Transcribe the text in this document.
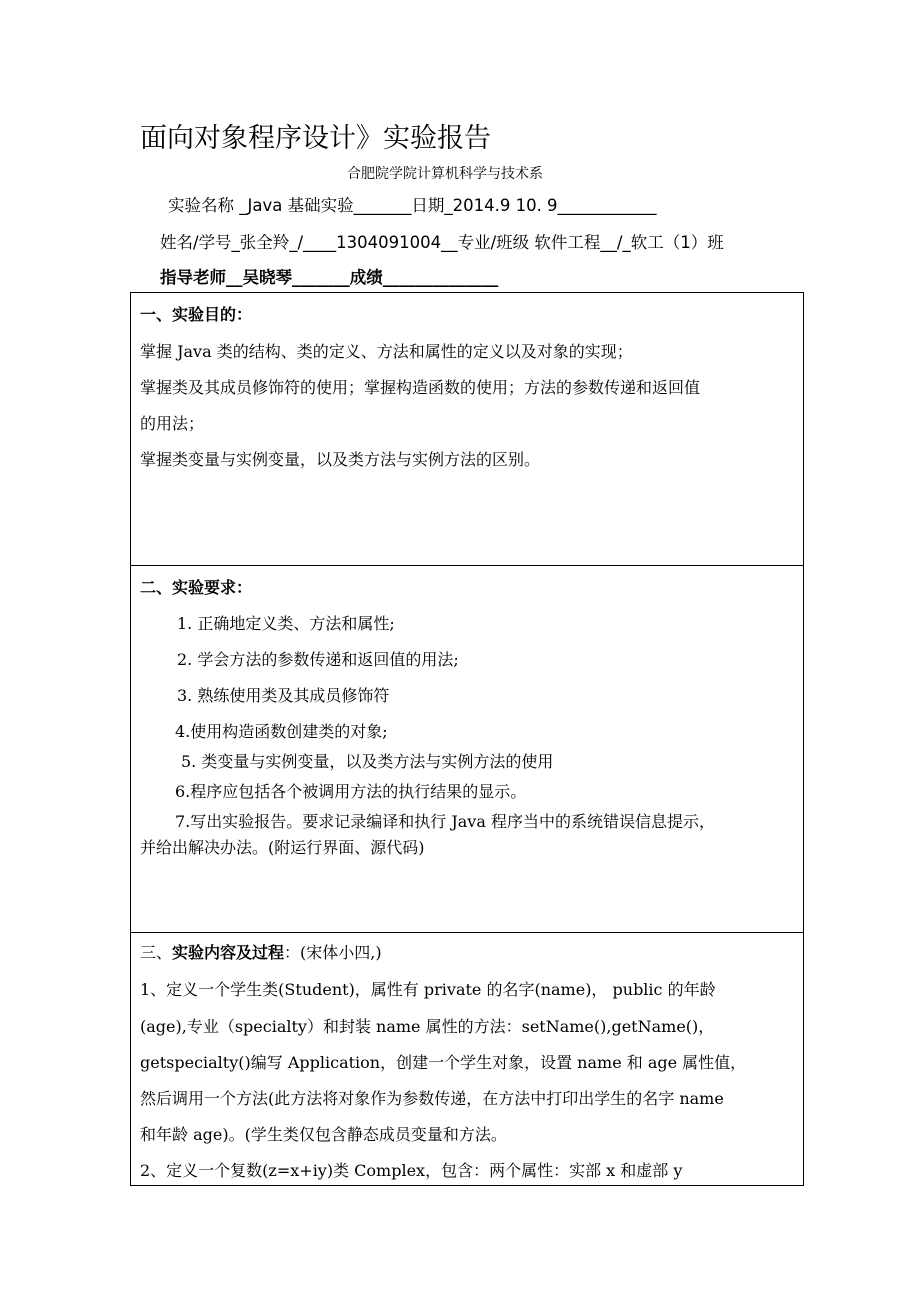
面向对象程序设计》实验报告
合肥院学院计算机科学与技术系
实验名称 _Java 基础实验_______日期_2014.9 10. 9____________
姓名/学号_张全羚_/____1304091004__专业/班级 软件工程__/_软工（1）班
指导老师__吴晓琴_______成绩______________
一、实验目的：
掌握 Java 类的结构、类的定义、方法和属性的定义以及对象的实现；
掌握类及其成员修饰符的使用；掌握构造函数的使用；方法的参数传递和返回值
的用法；
掌握类变量与实例变量，以及类方法与实例方法的区别。
二、实验要求：
1. 正确地定义类、方法和属性;
2. 学会方法的参数传递和返回值的用法;
3. 熟练使用类及其成员修饰符
4.使用构造函数创建类的对象;
5. 类变量与实例变量，以及类方法与实例方法的使用
6.程序应包括各个被调用方法的执行结果的显示。
7.写出实验报告。要求记录编译和执行 Java 程序当中的系统错误信息提示，
并给出解决办法。(附运行界面、源代码)
三、实验内容及过程：(宋体小四,)
1、定义一个学生类(Student)，属性有 private 的名字(name)， public 的年龄
(age),专业（specialty）和封装 name 属性的方法：setName(),getName()，
getspecialty()编写 Application，创建一个学生对象，设置 name 和 age 属性值，
然后调用一个方法(此方法将对象作为参数传递，在方法中打印出学生的名字 name
和年龄 age)。(学生类仅包含静态成员变量和方法。
2、定义一个复数(z=x+iy)类 Complex，包含：两个属性：实部 x 和虚部 y
